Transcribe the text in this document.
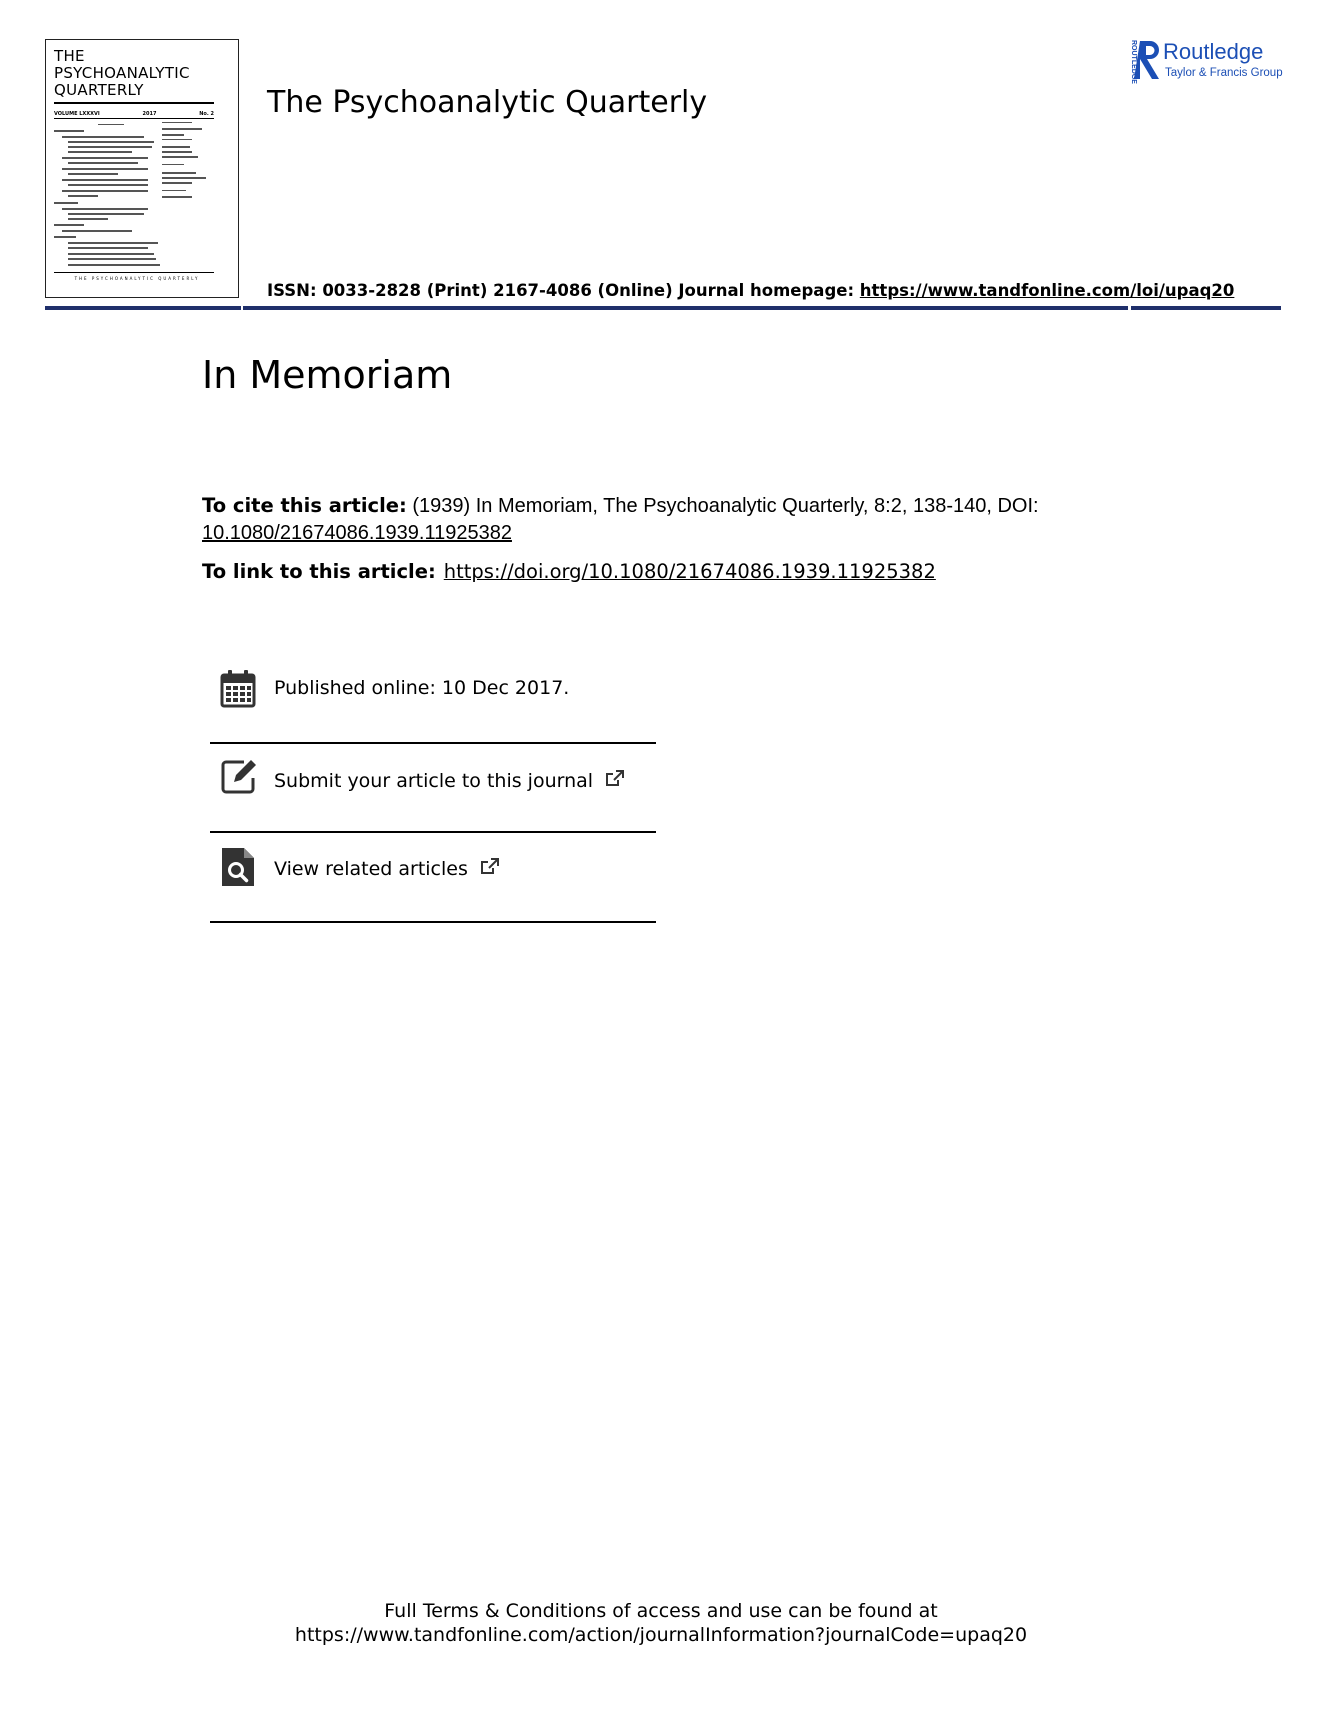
THE
PSYCHOANALYTIC
QUARTERLY
VOLUME LXXXVI	2017	No. 2
THE PSYCHOANALYTIC QUARTERLY
The Psychoanalytic Quarterly
ROUTLEDGE Routledge
Taylor & Francis Group
ISSN: 0033-2828 (Print) 2167-4086 (Online) Journal homepage: https://www.tandfonline.com/loi/upaq20
In Memoriam
To cite this article: (1939) In Memoriam, The Psychoanalytic Quarterly, 8:2, 138-140, DOI:
10.1080/21674086.1939.11925382
To link to this article: https://doi.org/10.1080/21674086.1939.11925382
Published online: 10 Dec 2017.
Submit your article to this journal
View related articles
Full Terms & Conditions of access and use can be found at
https://www.tandfonline.com/action/journalInformation?journalCode=upaq20
